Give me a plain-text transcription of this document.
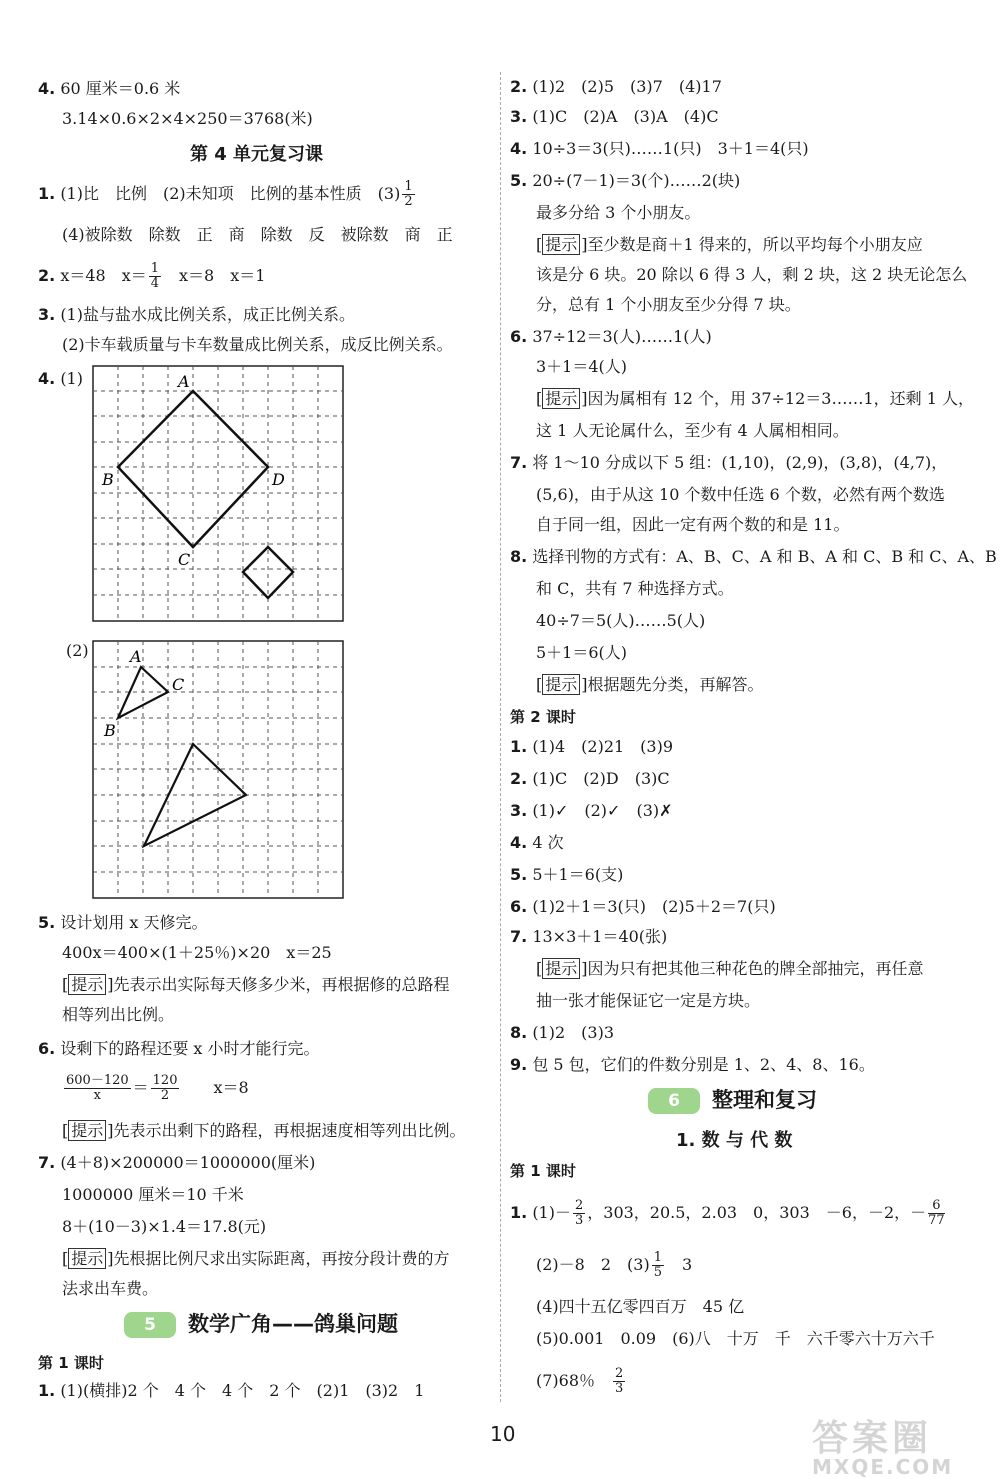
4. 60 厘米＝0.6 米
3.14×0.6×2×4×250＝3768(米)
第 4 单元复习课
1. (1)比　比例　(2)未知项　比例的基本性质　$(3) \frac{1}{2}$
(4)被除数　除数　正　商　除数　反　被除数　商　正
2. x＝48　$x= \frac{1}{4}$ 　x＝8　x＝1
3. (1)盐与盐水成比例关系，成正比例关系。
(2)卡车载质量与卡车数量成比例关系，成反比例关系。
4. (1)	A
B
C
D
(2)	A
B
C
5. 设计划用 x 天修完。
400x＝400×(1＋25％)×20　x＝25
[ 提示 ]先表示出实际每天修多少米，再根据修的总路程
相等列出比例。
6. 设剩下的路程还要 x 小时才能行完。
$\frac{600-120}{x} = \frac{120}{2}$
　　 x＝8
[ 提示 ]先表示出剩下的路程，再根据速度相等列出比例。
7. (4＋8)×200000＝1000000(厘米)
1000000 厘米＝10 千米
8＋(10－3)×1.4＝17.8(元)
[ 提示 ]先根据比例尺求出实际距离，再按分段计费的方
法求出车费。
5 数学广角——鸽巢问题
第 1 课时
1. (1)(横排)2 个　4 个　4 个　2 个　(2)1　(3)2　1
2. (1)2　(2)5　(3)7　(4)17
3. (1)C　(2)A　(3)A　(4)C
4. 10÷3＝3(只)……1(只)　3＋1＝4(只)
5. 20÷(7－1)＝3(个)……2(块)
最多分给 3 个小朋友。
[ 提示 ]至少数是商＋1 得来的，所以平均每个小朋友应
该是分 6 块。20 除以 6 得 3 人，剩 2 块，这 2 块无论怎么
分，总有 1 个小朋友至少分得 7 块。
6. 37÷12＝3(人)……1(人)
3＋1＝4(人)
[ 提示 ]因为属相有 12 个，用 37÷12＝3……1，还剩 1 人，
这 1 人无论属什么，至少有 4 人属相相同。
7. 将 1～10 分成以下 5 组：(1,10)，(2,9)，(3,8)，(4,7)，
(5,6)，由于从这 10 个数中任选 6 个数，必然有两个数选
自于同一组，因此一定有两个数的和是 11。
8. 选择刊物的方式有：A、B、C、A 和 B、A 和 C、B 和 C、A、B
和 C，共有 7 种选择方式。
40÷7＝5(人)……5(人)
5＋1＝6(人)
[ 提示 ]根据题先分类，再解答。
第 2 课时
1. (1)4　(2)21　(3)9
2. (1)C　(2)D　(3)C
3. (1)✓　(2)✓　(3)✗
4. 4 次
5. 5＋1＝6(支)
6. (1)2＋1＝3(只)　(2)5＋2＝7(只)
7. 13×3＋1＝40(张)
[ 提示 ]因为只有把其他三种花色的牌全部抽完，再任意
抽一张才能保证它一定是方块。
8. (1)2　(3)3
9. 包 5 包，它们的件数分别是 1、2、4、8、16。
6 整理和复习
1. 数 与 代 数
第 1 课时
1. $(1)- \frac{2}{3}$ ，303，20.5，2.03　0，303　－6，－2，－ $\frac{6}{77}$
(2)－8　2　$(3) \frac{1}{5}$ 　3
(4)四十五亿零四百万　45 亿
(5)0.001　0.09　(6)八　十万　千　六千零六十万六千
(7)68％　 $\frac{2}{3}$
10	答案圈
MXQE.COM
